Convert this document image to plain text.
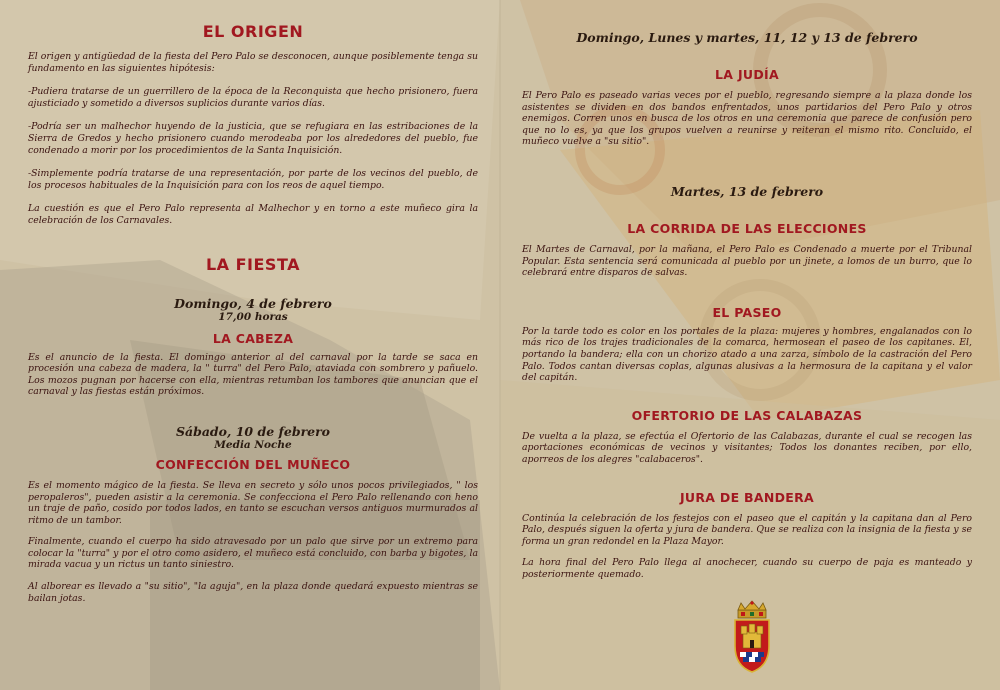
EL ORIGEN

El origen y antigüedad de la fiesta del Pero Palo se desconocen, aunque posiblemente tenga su fundamento en las siguientes hipótesis:

-Pudiera tratarse de un guerrillero de la época de la Reconquista que hecho prisionero, fuera ajusticiado y sometido a diversos suplicios durante varios días.

-Podría ser un malhechor huyendo de la justicia, que se refugiara en las estribaciones de la Sierra de Gredos y hecho prisionero cuando merodeaba por los alrededores del pueblo, fue condenado a morir por los procedimientos de la Santa Inquisición.

-Simplemente podría tratarse de una representación, por parte de los vecinos del pueblo, de los procesos habituales de la Inquisición para con los reos de aquel tiempo.

La cuestión es que el Pero Palo representa al Malhechor y en torno a este muñeco gira la celebración de los Carnavales.

LA FIESTA

Domingo, 4 de febrero

17,00 horas

LA CABEZA

Es el anuncio de la fiesta. El domingo anterior al del carnaval por la tarde se saca en procesión una cabeza de madera, la " turra" del Pero Palo, ataviada con sombrero y pañuelo. Los mozos pugnan por hacerse con ella, mientras retumban los tambores que anuncian que el carnaval y las fiestas están próximos.

Sábado, 10 de febrero

Media Noche

CONFECCIÓN DEL MUÑECO

Es el momento mágico de la fiesta. Se lleva en secreto y sólo unos pocos privilegiados, " los peropaleros", pueden asistir a la ceremonia. Se confecciona el Pero Palo rellenando con heno un traje de paño, cosido por todos lados, en tanto se escuchan versos antiguos murmurados al ritmo de un tambor.

Finalmente, cuando el cuerpo ha sido atravesado por un palo que sirve por un extremo para colocar la "turra" y por el otro como asidero, el muñeco está concluido, con barba y bigotes, la mirada vacua y un rictus un tanto siniestro.

Al alborear es llevado a "su sitio", "la aguja", en la plaza donde quedará expuesto mientras se bailan jotas.

Domingo, Lunes y martes, 11, 12 y 13 de febrero

LA JUDÍA

El Pero Palo es paseado varias veces por el pueblo, regresando siempre a la plaza donde los asistentes se dividen en dos bandos enfrentados, unos partidarios del Pero Palo y otros enemigos. Corren unos en busca de los otros en una ceremonia que parece de confusión pero que no lo es, ya que los grupos vuelven a reunirse y reiteran el mismo rito. Concluido, el muñeco vuelve a "su sitio".

Martes, 13 de febrero

LA CORRIDA DE LAS ELECCIONES

El Martes de Carnaval, por la mañana, el Pero Palo es Condenado a muerte por el Tribunal Popular. Esta sentencia será comunicada al pueblo por un jinete, a lomos de un burro, que lo celebrará entre disparos de salvas.

EL PASEO

Por la tarde todo es color en los portales de la plaza: mujeres y hombres, engalanados con lo más rico de los trajes tradicionales de la comarca, hermosean el paseo de los capitanes. El, portando la bandera; ella con un chorizo atado a una zarza, símbolo de la castración del Pero Palo. Todos cantan diversas coplas, algunas alusivas a la hermosura de la capitana y el valor del capitán.

OFERTORIO DE LAS CALABAZAS

De vuelta a la plaza, se efectúa el Ofertorio de las Calabazas, durante el cual se recogen las aportaciones económicas de vecinos y visitantes; Todos los donantes reciben, por ello, aporreos de los alegres "calabaceros".

JURA DE BANDERA

Continúa la celebración de los festejos con el paseo que el capitán y la capitana dan al Pero Palo, después siguen la oferta y jura de bandera. Que se realiza con la insignia de la fiesta y se forma un gran redondel en la Plaza Mayor.

La hora final del Pero Palo llega al anochecer, cuando su cuerpo de paja es manteado y posteriormente quemado.
